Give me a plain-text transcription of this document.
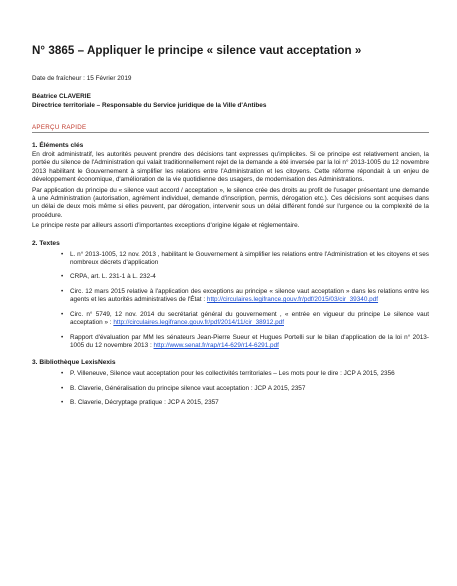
N° 3865 – Appliquer le principe « silence vaut acceptation »

Date de fraîcheur : 15 Février 2019

Béatrice CLAVERIE

Directrice territoriale – Responsable du Service juridique de la Ville d'Antibes

APERÇU RAPIDE
1. Éléments clés

En droit administratif, les autorités peuvent prendre des décisions tant expresses qu'implicites. Si ce principe est relativement ancien, la portée du silence de l'Administration qui valait traditionnellement rejet de la demande a été inversée par la loi n° 2013-1005 du 12 novembre 2013 habilitant le Gouvernement à simplifier les relations entre l'Administration et les citoyens. Cette réforme répondait à un enjeu de développement économique, d'amélioration de la vie quotidienne des usagers, de modernisation des Administrations.

Par application du principe du « silence vaut accord / acceptation », le silence crée des droits au profit de l'usager présentant une demande à une Administration (autorisation, agrément individuel, demande d'inscription, permis, dérogation etc.). Ces décisions sont acquises dans un délai de deux mois même si elles peuvent, par dérogation, intervenir sous un délai différent fondé sur l'urgence ou la complexité de la procédure.

Le principe reste par ailleurs assorti d'importantes exceptions d'origine légale et réglementaire.

2. Textes
• L. n° 2013-1005, 12 nov. 2013 , habilitant le Gouvernement à simplifier les relations entre l'Administration et les citoyens et ses nombreux décrets d'application
• CRPA, art. L. 231-1 à L. 232-4
• Circ. 12 mars 2015 relative à l'application des exceptions au principe « silence vaut acceptation » dans les relations entre les agents et les autorités administratives de l'État : http://circulaires.legifrance.gouv.fr/pdf/2015/03/cir_39340.pdf
• Circ. n° 5749, 12 nov. 2014 du secrétariat général du gouvernement , « entrée en vigueur du principe Le silence vaut acceptation » : http://circulaires.legifrance.gouv.fr/pdf/2014/11/cir_38912.pdf
• Rapport d'évaluation par MM les sénateurs Jean-Pierre Sueur et Hugues Portelli sur le bilan d'application de la loi n° 2013-1005 du 12 novembre 2013 : http://www.senat.fr/rap/r14-629/r14-6291.pdf
3. Bibliothèque LexisNexis
• P. Villeneuve, Silence vaut acceptation pour les collectivités territoriales – Les mots pour le dire : JCP A 2015, 2356
• B. Claverie, Généralisation du principe silence vaut acceptation : JCP A 2015, 2357
• B. Claverie, Décryptage pratique : JCP A 2015, 2357
